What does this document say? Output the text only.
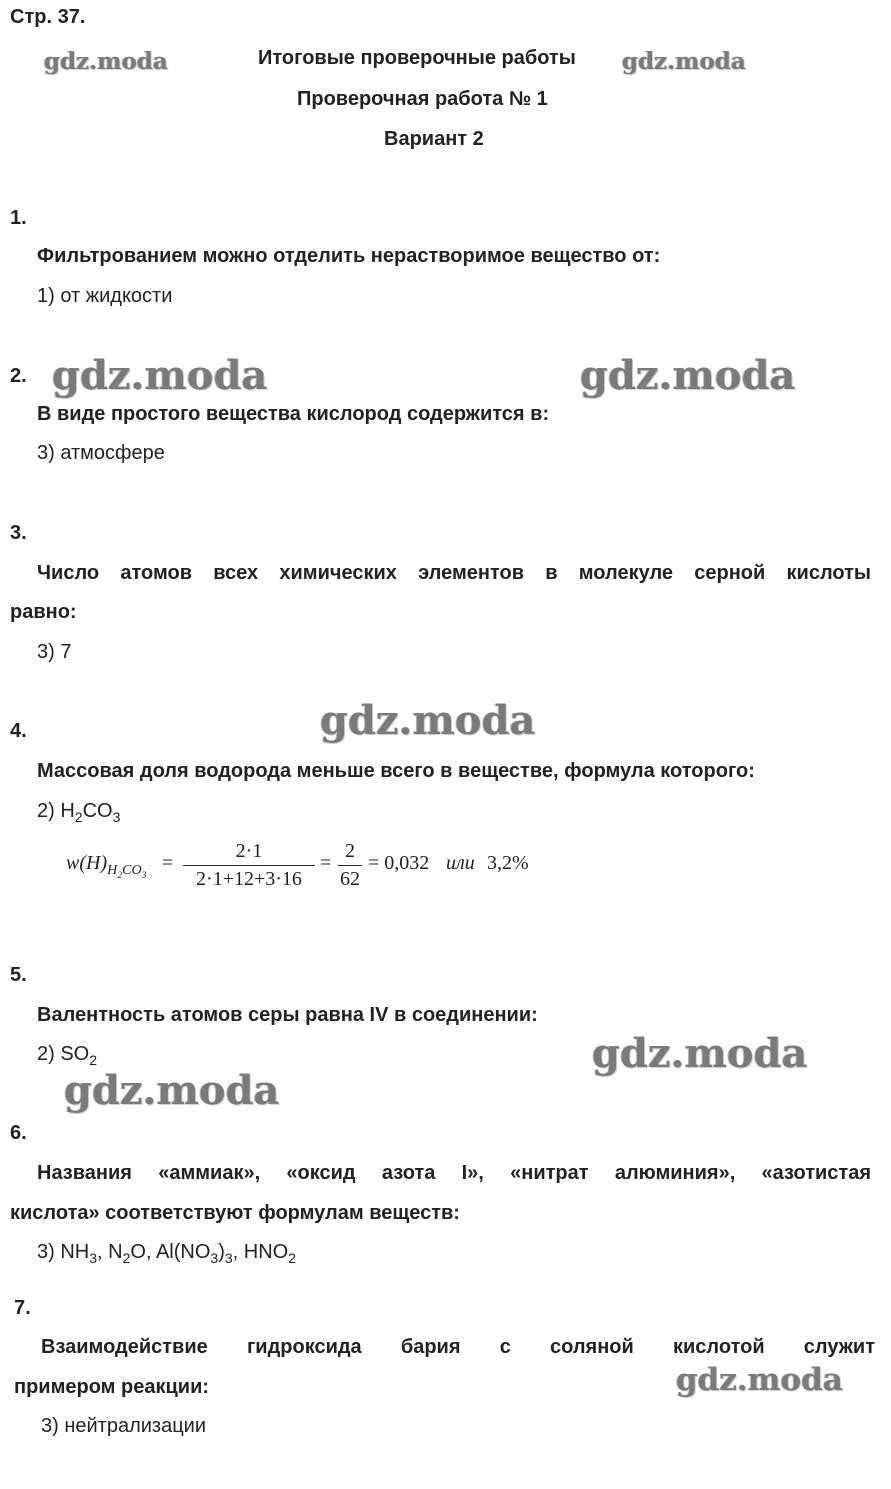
Стр. 37.
Итоговые проверочные работы
Проверочная работа № 1
Вариант 2
gdz.moda	gdz.moda
gdz.moda	gdz.moda
gdz.moda
gdz.moda
gdz.moda
gdz.moda
1.
Фильтрованием можно отделить нерастворимое вещество от:
1) от жидкости
2.
В виде простого вещества кислород содержится в:
3) атмосфере
3.
Число атомов всех химических элементов в молекуле серной кислоты
равно:
3) 7
4.
Массовая доля водорода меньше всего в веществе, формула которого:
2) $H_2CO_3$
$w(H)_{H_2CO_3}$
=
2·1
2·1+12+3·16
=
2
62
= 0,032 или 3,2%
5.
Валентность атомов серы равна IV в соединении:
2) $SO_2$
6.
Названия «аммиак», «оксид азота I», «нитрат алюминия», «азотистая
кислота» соответствуют формулам веществ:
3) $NH_3$, $N_2O$, $Al(NO_3)_3$, $HNO_2$
7.
Взаимодействие гидроксида бария с соляной кислотой служит
примером реакции:
3) нейтрализации
